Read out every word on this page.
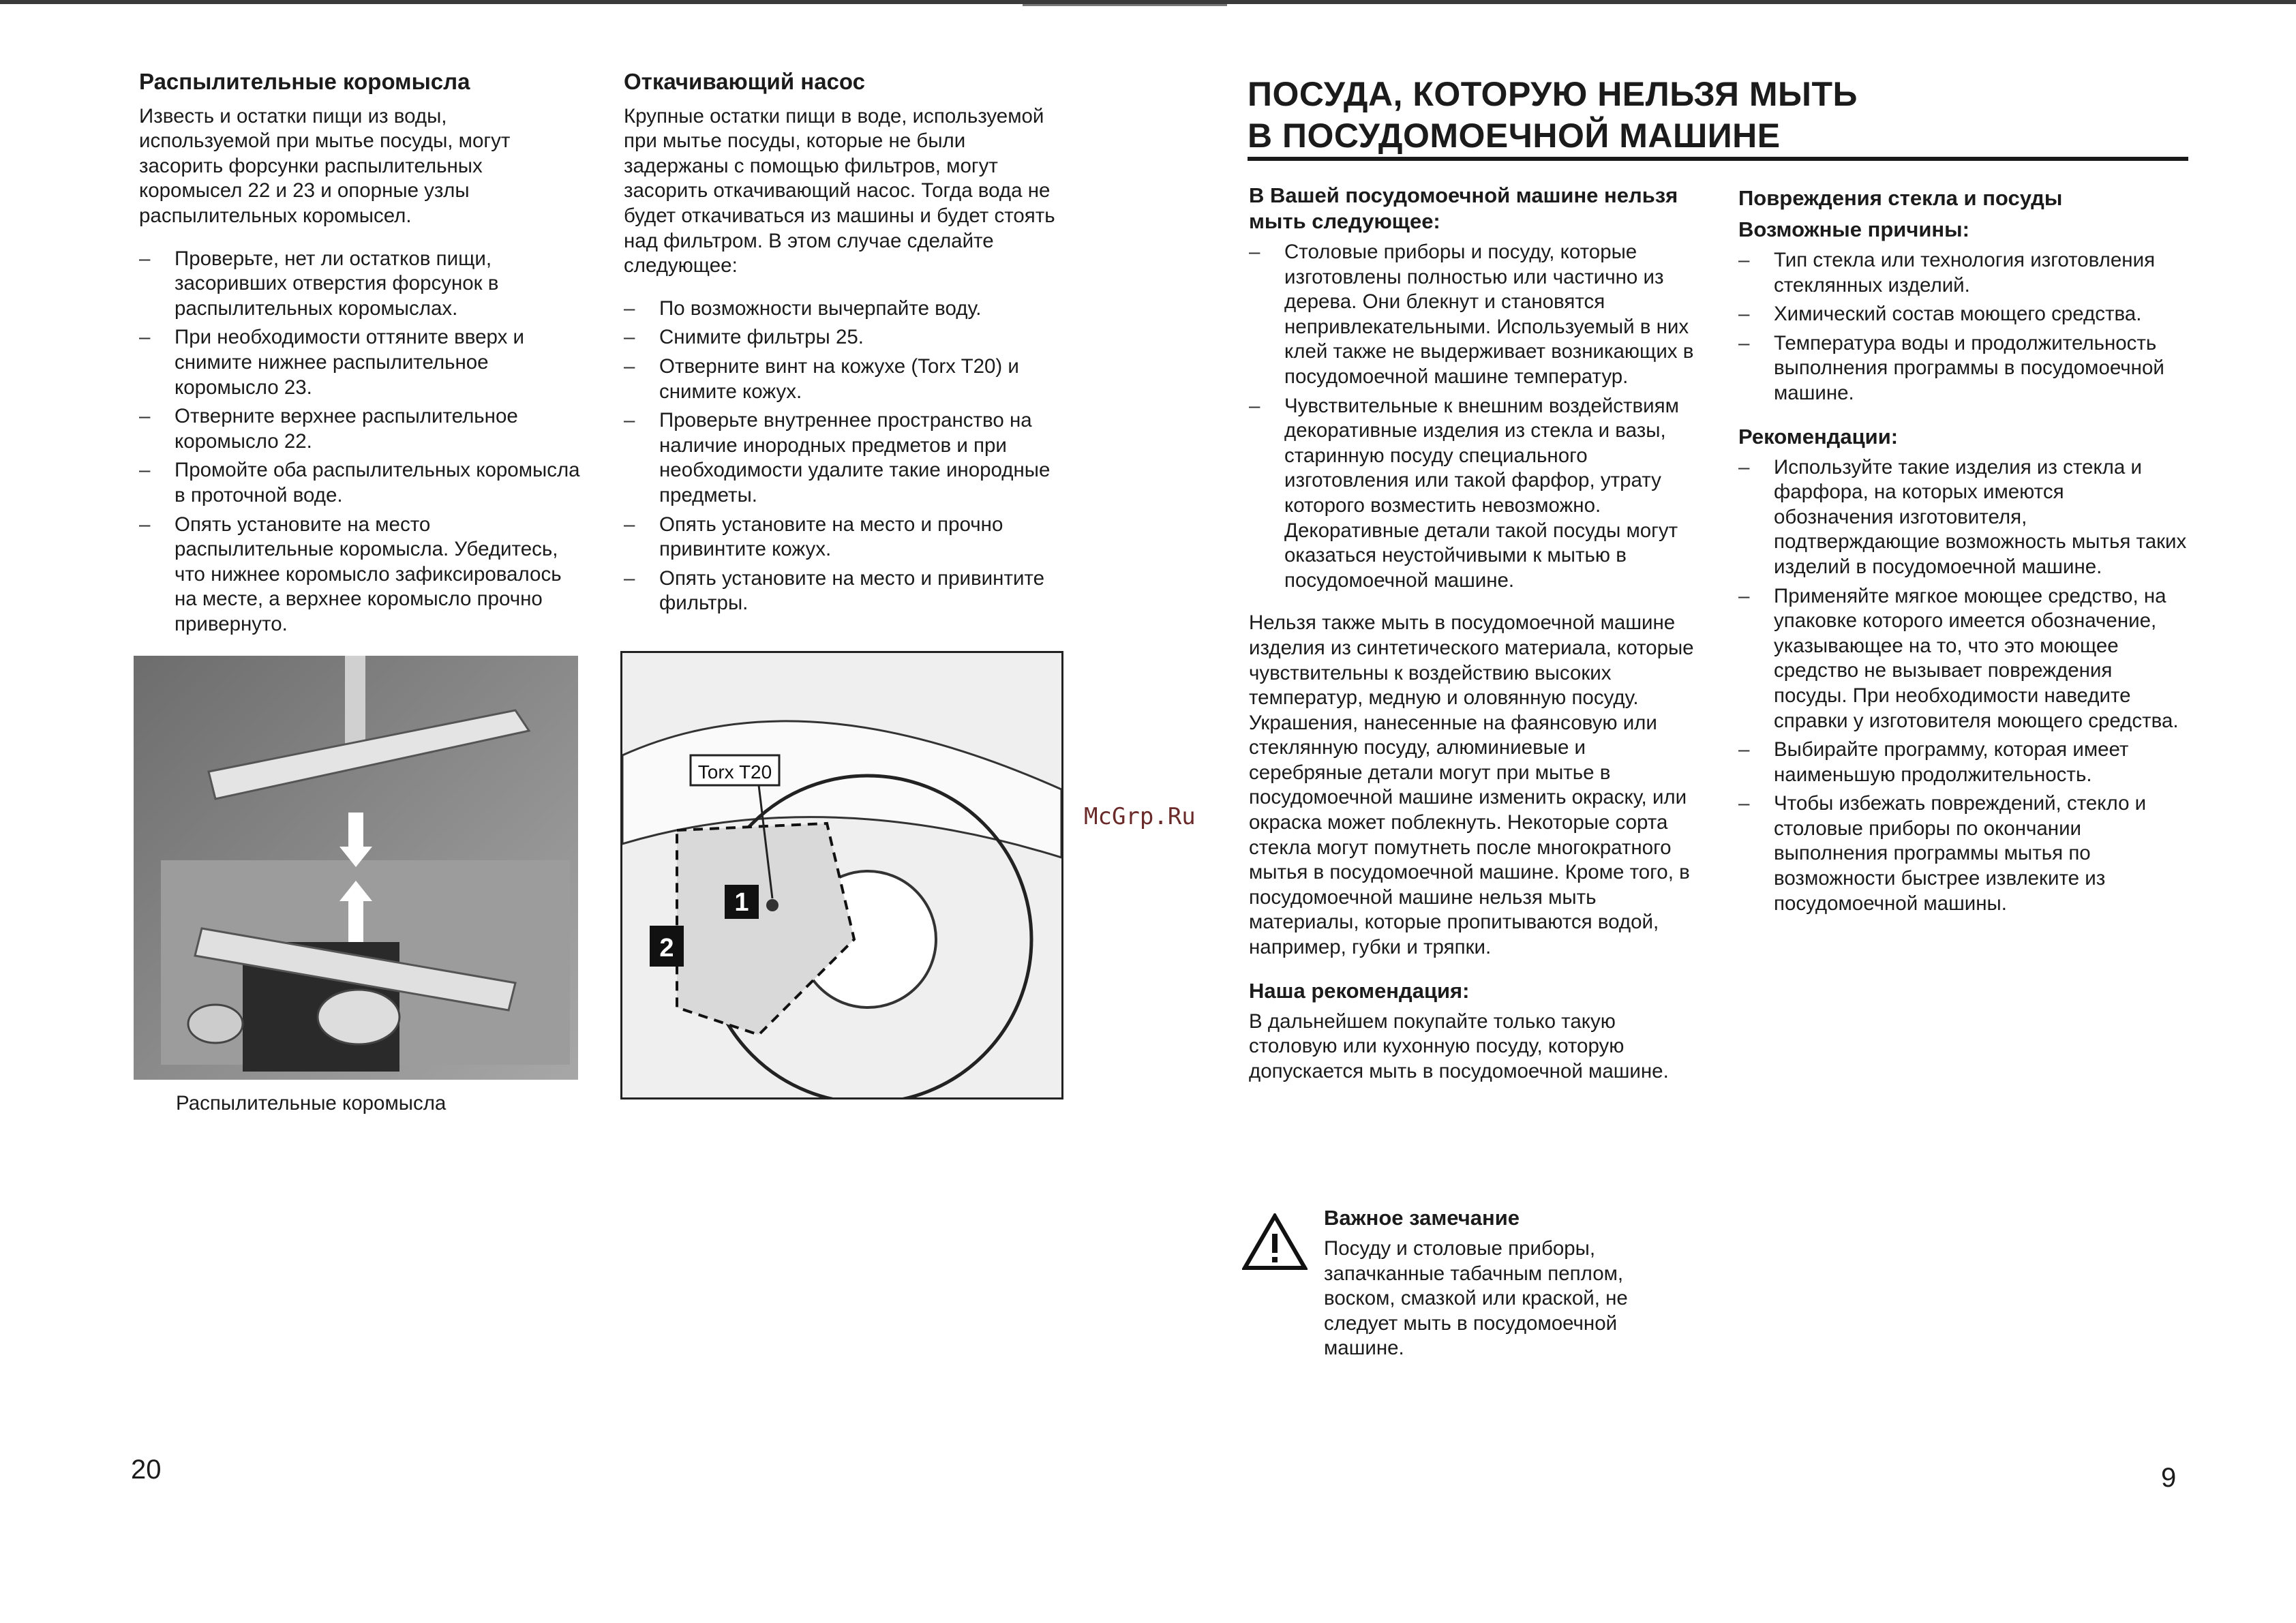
Распылительные коромысла

Известь и остатки пищи из воды, используемой при мытье посуды, могут засорить форсунки распылительных коромысел 22 и 23 и опорные узлы распылительных коромысел.

– Проверьте, нет ли остатков пищи, засоривших отверстия форсунок в распылительных коромыслах.
– При необходимости оттяните вверх и снимите нижнее распылительное коромысло 23.
– Отверните верхнее распылительное коромысло 22.
– Промойте оба распылительных коромысла в проточной воде.
– Опять установите на место распылительные коромысла. Убедитесь, что нижнее коромысло зафиксировалось на месте, а верхнее коромысло прочно привернуто.
Распылительные коромысла
Откачивающий насос

Крупные остатки пищи в воде, используемой при мытье посуды, которые не были задержаны с помощью фильтров, могут засорить откачивающий насос. Тогда вода не будет откачиваться из машины и будет стоять над фильтром. В этом случае сделайте следующее:

– По возможности вычерпайте воду.
– Снимите фильтры 25.
– Отверните винт на кожухе (Torx T20) и снимите кожух.
– Проверьте внутреннее пространство на наличие инородных предметов и при необходимости удалите такие инородные предметы.
– Опять установите на место и прочно привинтите кожух.
– Опять установите на место и привинтите фильтры.
1
2
Torx T20
20
ПОСУДА, КОТОРУЮ НЕЛЬЗЯ МЫТЬ
В ПОСУДОМОЕЧНОЙ МАШИНЕ
В Вашей посудомоечной машине нельзя мыть следующее:
– Столовые приборы и посуду, которые изготовлены полностью или частично из дерева. Они блекнут и становятся непривлекательными. Используемый в них клей также не выдерживает возникающих в посудомоечной машине температур.
– Чувствительные к внешним воздействиям декоративные изделия из стекла и вазы, старинную посуду специального изготовления или такой фарфор, утрату которого возместить невозможно. Декоративные детали такой посуды могут оказаться неустойчивыми к мытью в посудомоечной машине.

Нельзя также мыть в посудомоечной машине изделия из синтетического материала, которые чувствительны к воздействию высоких температур, медную и оловянную посуду. Украшения, нанесенные на фаянсовую или стеклянную посуду, алюминиевые и серебряные детали могут при мытье в посудомоечной машине изменить окраску, или окраска может поблекнуть. Некоторые сорта стекла могут помутнеть после многократного мытья в посудомоечной машине. Кроме того, в посудомоечной машине нельзя мыть материалы, которые пропитываются водой, например, губки и тряпки.

Наша рекомендация:

В дальнейшем покупайте только такую столовую или кухонную посуду, которую допускается мыть в посудомоечной машине.

Важное замечание

Посуду и столовые приборы, запачканные табачным пеплом, воском, смазкой или краской, не следует мыть в посудомоечной машине.

Повреждения стекла и посуды
Возможные причины:
– Тип стекла или технология изготовления стеклянных изделий.
– Химический состав моющего средства.
– Температура воды и продолжительность выполнения программы в посудомоечной машине.
Рекомендации:
– Используйте такие изделия из стекла и фарфора, на которых имеются обозначения изготовителя, подтверждающие возможность мытья таких изделий в посудомоечной машине.
– Применяйте мягкое моющее средство, на упаковке которого имеется обозначение, указывающее на то, что это моющее средство не вызывает повреждения посуды. При необходимости наведите справки у изготовителя моющего средства.
– Выбирайте программу, которая имеет наименьшую продолжительность.
– Чтобы избежать повреждений, стекло и столовые приборы по окончании выполнения программы мытья по возможности быстрее извлеките из посудомоечной машины.
McGrp.Ru
9
